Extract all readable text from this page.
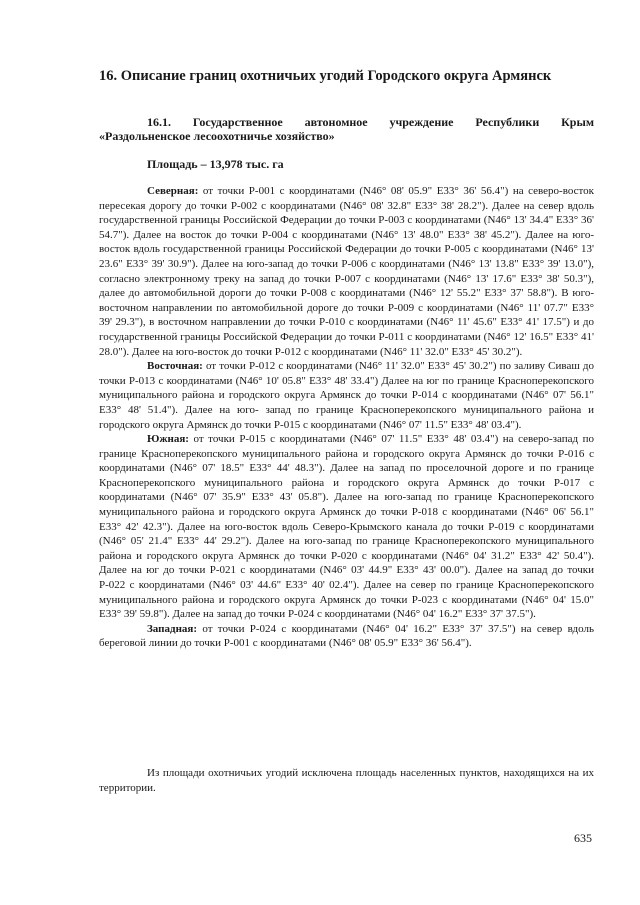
16. Описание границ охотничьих угодий Городского округа Армянск
16.1. Государственное автономное учреждение Республики Крым «Раздольненское лесоохотничье хозяйство»
Площадь – 13,978 тыс. га

Северная: от точки Р-001 с координатами (N46° 08' 05.9" E33° 36' 56.4") на северо-восток пересекая дорогу до точки Р-002 с координатами (N46° 08' 32.8" E33° 38' 28.2"). Далее на север вдоль государственной границы Российской Федерации до точки Р-003 с координатами (N46° 13' 34.4" E33° 36' 54.7"). Далее на восток до точки Р-004 с координатами (N46° 13' 48.0" E33° 38' 45.2"). Далее на юго-восток вдоль государственной границы Российской Федерации до точки Р-005 с координатами (N46° 13' 23.6" E33° 39' 30.9"). Далее на юго-запад до точки Р-006 с координатами (N46° 13' 13.8" E33° 39' 13.0"), согласно электронному треку на запад до точки Р-007 с координатами (N46° 13' 17.6" E33° 38' 50.3"), далее до автомобильной дороги до точки Р-008 с координатами (N46° 12' 55.2" E33° 37' 58.8"). В юго-восточном направлении по автомобильной дороге до точки Р-009 с координатами (N46° 11' 07.7" E33° 39' 29.3"), в восточном направлении до точки Р-010 с координатами (N46° 11' 45.6" E33° 41' 17.5") и до государственной границы Российской Федерации до точки Р-011 с координатами (N46° 12' 16.5" E33° 41' 28.0"). Далее на юго-восток до точки Р-012 с координатами (N46° 11' 32.0" E33° 45' 30.2").

Восточная: от точки Р-012 с координатами (N46° 11' 32.0" E33° 45' 30.2") по заливу Сиваш до точки Р-013 с координатами (N46° 10' 05.8" E33° 48' 33.4") Далее на юг по границе Красноперекопского муниципального района и городского округа Армянск до точки Р-014 с координатами (N46° 07' 56.1" E33° 48' 51.4"). Далее на юго- запад по границе Красноперекопского муниципального района и городского округа Армянск до точки Р-015 с координатами (N46° 07' 11.5" E33° 48' 03.4").

Южная: от точки Р-015 с координатами (N46° 07' 11.5" E33° 48' 03.4") на северо-запад по границе Красноперекопского муниципального района и городского округа Армянск до точки Р-016 с координатами (N46° 07' 18.5" E33° 44' 48.3"). Далее на запад по проселочной дороге и по границе Красноперекопского муниципального района и городского округа Армянск до точки Р-017 с координатами (N46° 07' 35.9" E33° 43' 05.8"). Далее на юго-запад по границе Красноперекопского муниципального района и городского округа Армянск до точки Р-018 с координатами (N46° 06' 56.1" E33° 42' 42.3"). Далее на юго-восток вдоль Северо-Крымского канала до точки Р-019 с координатами (N46° 05' 21.4" E33° 44' 29.2"). Далее на юго-запад по границе Красноперекопского муниципального района и городского округа Армянск до точки Р-020 с координатами (N46° 04' 31.2" E33° 42' 50.4"). Далее на юг до точки Р-021 с координатами (N46° 03' 44.9" E33° 43' 00.0"). Далее на запад до точки Р-022 с координатами (N46° 03' 44.6" E33° 40' 02.4"). Далее на север по границе Красноперекопского муниципального района и городского округа Армянск до точки Р-023 с координатами (N46° 04' 15.0" E33° 39' 59.8"). Далее на запад до точки Р-024 с координатами (N46° 04' 16.2" E33° 37' 37.5").

Западная: от точки Р-024 с координатами (N46° 04' 16.2" E33° 37' 37.5") на север вдоль береговой линии до точки Р-001 с координатами (N46° 08' 05.9" E33° 36' 56.4").

Из площади охотничьих угодий исключена площадь населенных пунктов, находящихся на их территории.

635
